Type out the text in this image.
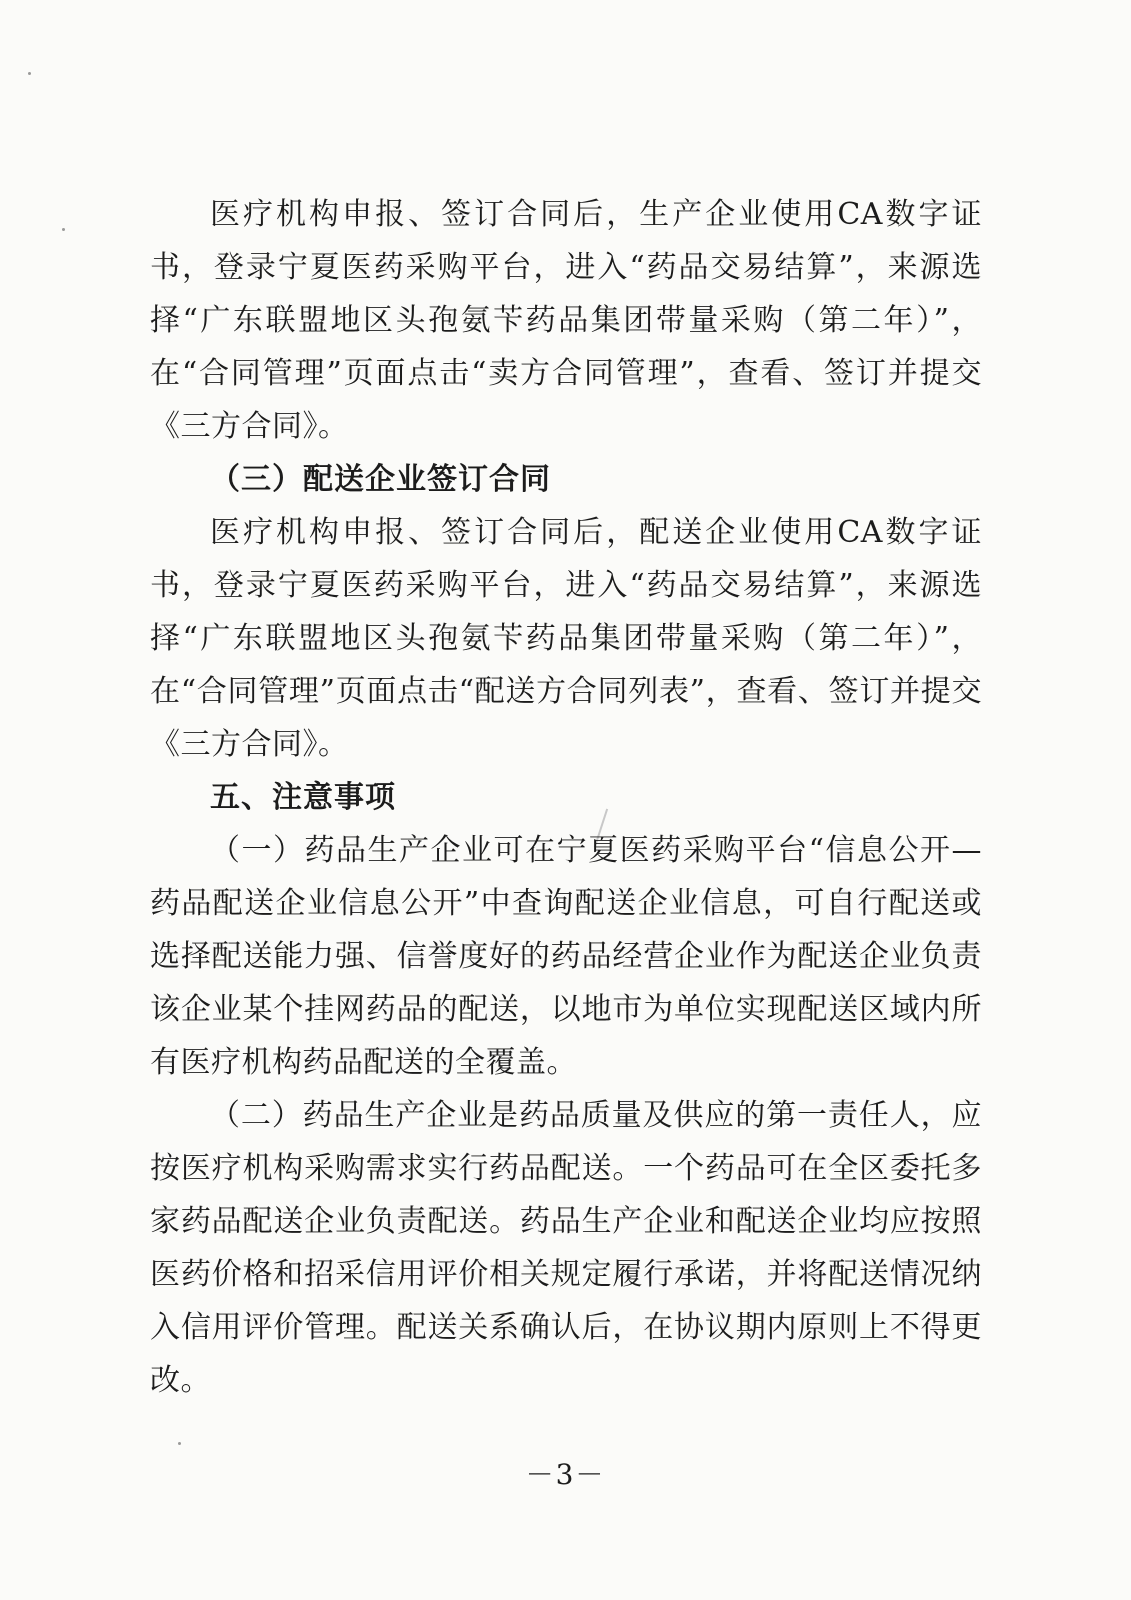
医疗机构申报、签订合同后，生产企业使用CA数字证书，登录宁夏医药采购平台，进入“药品交易结算”，来源选择“广东联盟地区头孢氨苄药品集团带量采购（第二年）”，在“合同管理”页面点击“卖方合同管理”，查看、签订并提交《三方合同》。

（三）配送企业签订合同

医疗机构申报、签订合同后，配送企业使用CA数字证书，登录宁夏医药采购平台，进入“药品交易结算”，来源选择“广东联盟地区头孢氨苄药品集团带量采购（第二年）”，在“合同管理”页面点击“配送方合同列表”，查看、签订并提交《三方合同》。

五、注意事项

（一）药品生产企业可在宁夏医药采购平台“信息公开—药品配送企业信息公开”中查询配送企业信息，可自行配送或选择配送能力强、信誉度好的药品经营企业作为配送企业负责该企业某个挂网药品的配送，以地市为单位实现配送区域内所有医疗机构药品配送的全覆盖。

（二）药品生产企业是药品质量及供应的第一责任人，应按医疗机构采购需求实行药品配送。一个药品可在全区委托多家药品配送企业负责配送。药品生产企业和配送企业均应按照医药价格和招采信用评价相关规定履行承诺，并将配送情况纳入信用评价管理。配送关系确认后，在协议期内原则上不得更改。

－3－
